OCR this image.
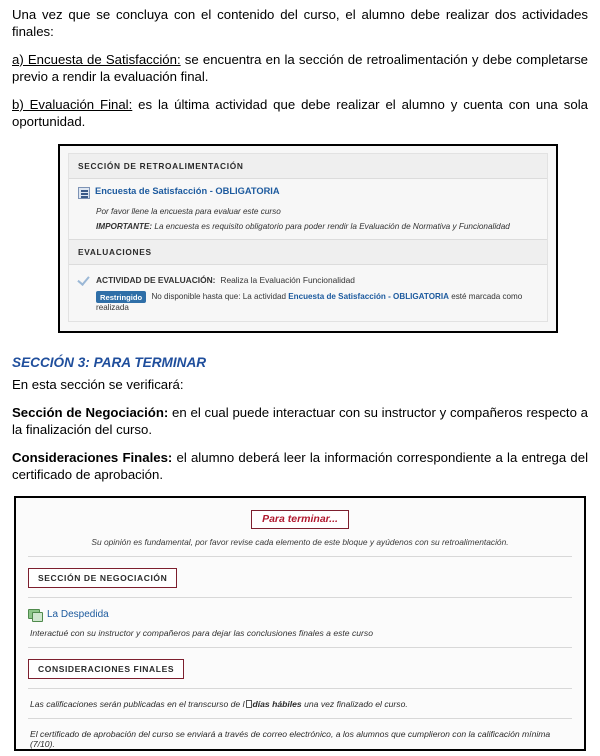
Una vez que se concluya con el contenido del curso, el alumno debe realizar dos actividades finales:

a) Encuesta de Satisfacción: se encuentra en la sección de retroalimentación y debe completarse previo a rendir la evaluación final.

b) Evaluación Final: es la última actividad que debe realizar el alumno y cuenta con una sola oportunidad.

SECCIÓN DE RETROALIMENTACIÓN
Encuesta de Satisfacción - OBLIGATORIA
Por favor llene la encuesta para evaluar este curso
IMPORTANTE: La encuesta es requisito obligatorio para poder rendir la Evaluación de Normativa y Funcionalidad
EVALUACIONES
ACTIVIDAD DE EVALUACIÓN: Realiza la Evaluación Funcionalidad
Restringido No disponible hasta que: La actividad Encuesta de Satisfacción - OBLIGATORIA esté marcada como realizada

SECCIÓN 3: PARA TERMINAR

En esta sección se verificará:

Sección de Negociación: en el cual puede interactuar con su instructor y compañeros respecto a la finalización del curso.

Consideraciones Finales: el alumno deberá leer la información correspondiente a la entrega del certificado de aprobación.

Para terminar...
Su opinión es fundamental, por favor revise cada elemento de este bloque y ayúdenos con su retroalimentación.
SECCIÓN DE NEGOCIACIÓN
La Despedida
Interactué con su instructor y compañeros para dejar las conclusiones finales a este curso
CONSIDERACIONES FINALES
Las calificaciones serán publicadas en el transcurso de l días hábiles una vez finalizado el curso.
El certificado de aprobación del curso se enviará a través de correo electrónico, a los alumnos que cumplieron con la calificación mínima (7/10).
